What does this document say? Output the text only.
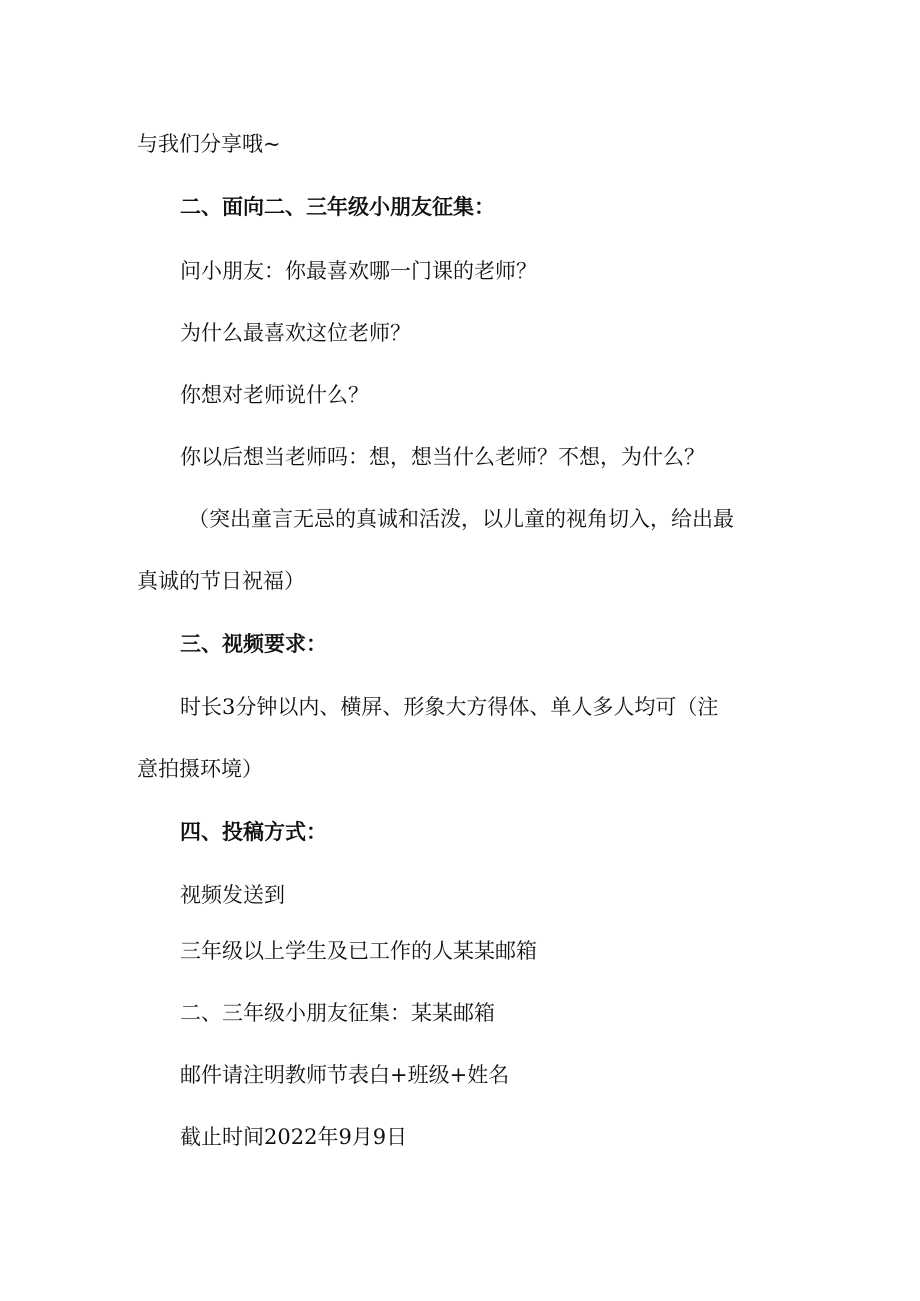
与我们分享哦~
二、面向二、三年级小朋友征集：
问小朋友：你最喜欢哪一门课的老师？
为什么最喜欢这位老师？
你想对老师说什么？
你以后想当老师吗：想，想当什么老师？不想，为什么？
（突出童言无忌的真诚和活泼，以儿童的视角切入，给出最
真诚的节日祝福）
三、视频要求：
时长3分钟以内、横屏、形象大方得体、单人多人均可（注
意拍摄环境）
四、投稿方式：
视频发送到
三年级以上学生及已工作的人某某邮箱
二、三年级小朋友征集：某某邮箱
邮件请注明教师节表白+班级+姓名
截止时间2022年9月9日
